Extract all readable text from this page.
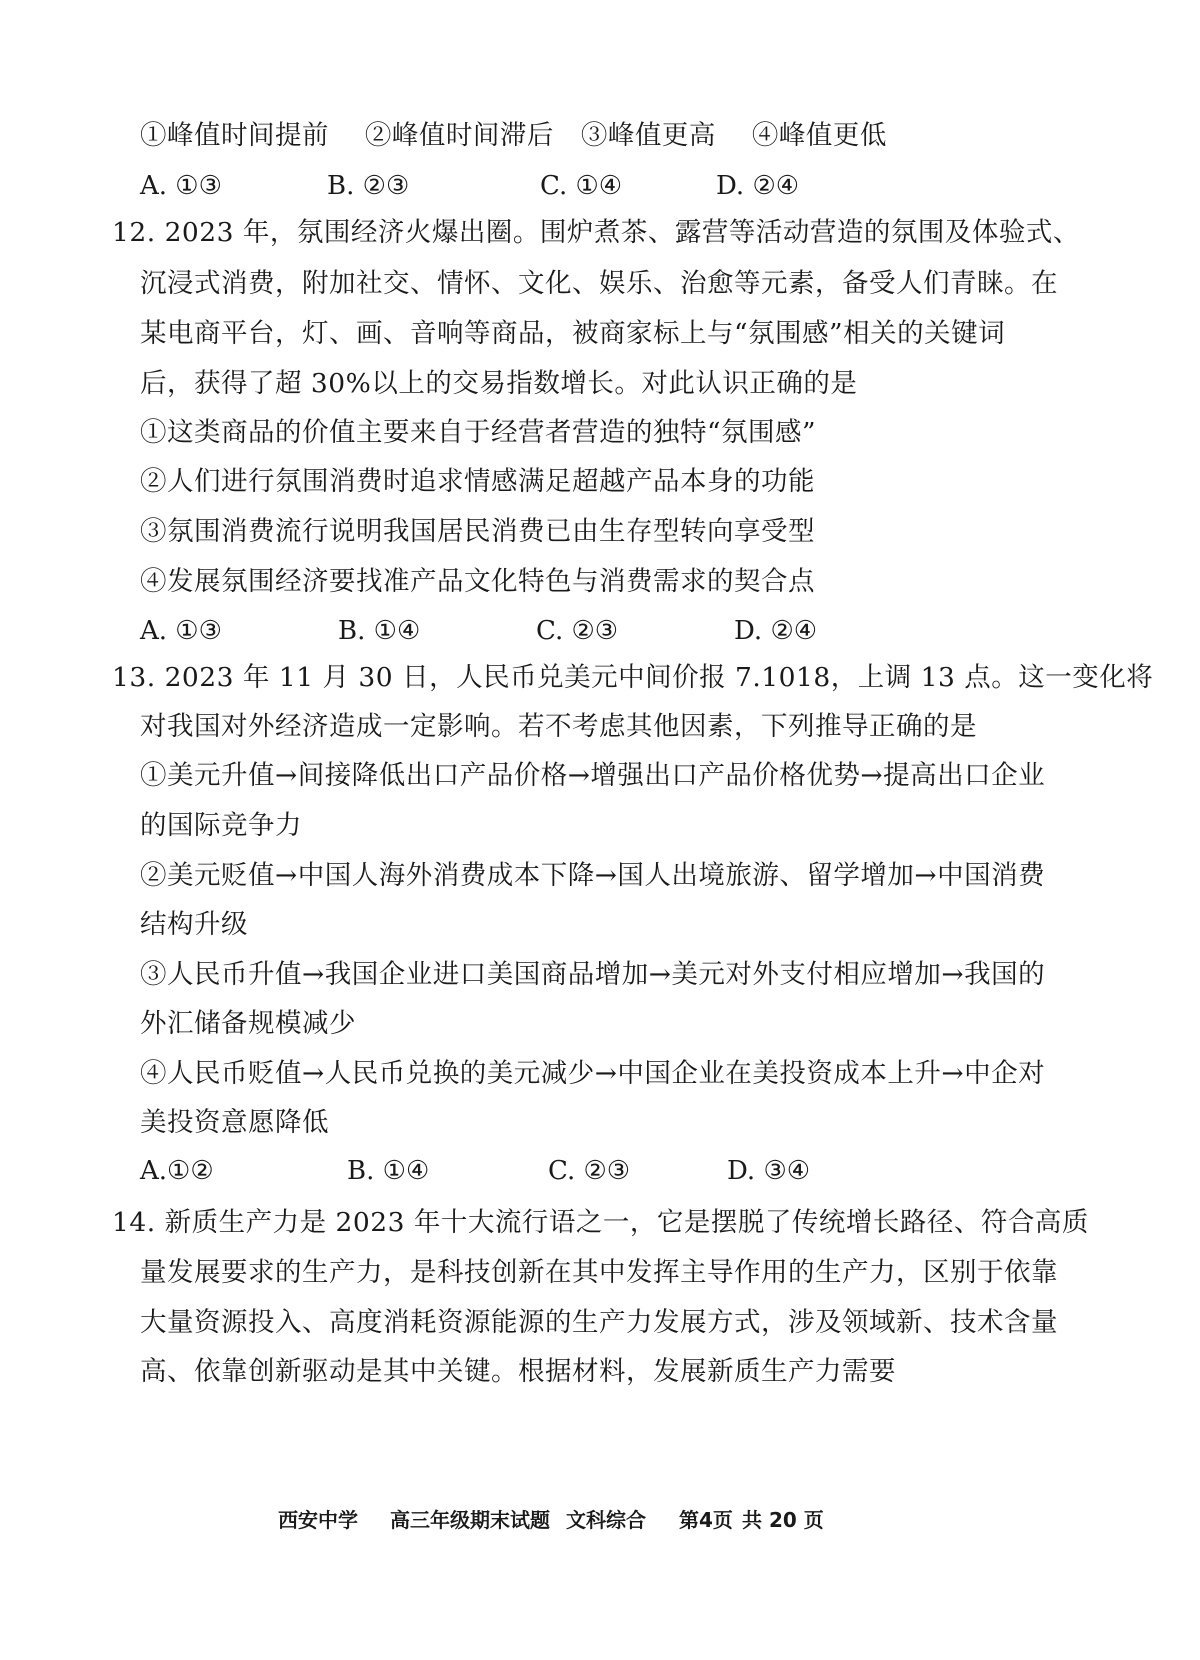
①峰值时间提前　 ②峰值时间滞后　③峰值更高　 ④峰值更低
A. ①③	B. ②③	C. ①④	D. ②④
12. 2023 年，氛围经济火爆出圈。围炉煮茶、露营等活动营造的氛围及体验式、
沉浸式消费，附加社交、情怀、文化、娱乐、治愈等元素，备受人们青睐。在
某电商平台，灯、画、音响等商品，被商家标上与“氛围感”相关的关键词
后，获得了超 30%以上的交易指数增长。对此认识正确的是
①这类商品的价值主要来自于经营者营造的独特“氛围感”
②人们进行氛围消费时追求情感满足超越产品本身的功能
③氛围消费流行说明我国居民消费已由生存型转向享受型
④发展氛围经济要找准产品文化特色与消费需求的契合点
A. ①③	B. ①④	C. ②③	D. ②④
13. 2023 年 11 月 30 日，人民币兑美元中间价报 7.1018，上调 13 点。这一变化将
对我国对外经济造成一定影响。若不考虑其他因素，下列推导正确的是
①美元升值→间接降低出口产品价格→增强出口产品价格优势→提高出口企业
的国际竞争力
②美元贬值→中国人海外消费成本下降→国人出境旅游、留学增加→中国消费
结构升级
③人民币升值→我国企业进口美国商品增加→美元对外支付相应增加→我国的
外汇储备规模减少
④人民币贬值→人民币兑换的美元减少→中国企业在美投资成本上升→中企对
美投资意愿降低
A.①②	B. ①④	C. ②③	D. ③④
14. 新质生产力是 2023 年十大流行语之一，它是摆脱了传统增长路径、符合高质
量发展要求的生产力，是科技创新在其中发挥主导作用的生产力，区别于依靠
大量资源投入、高度消耗资源能源的生产力发展方式，涉及领域新、技术含量
高、依靠创新驱动是其中关键。根据材料，发展新质生产力需要
西安中学 高三年级期末试题 文科综合 第4页 共 20 页
